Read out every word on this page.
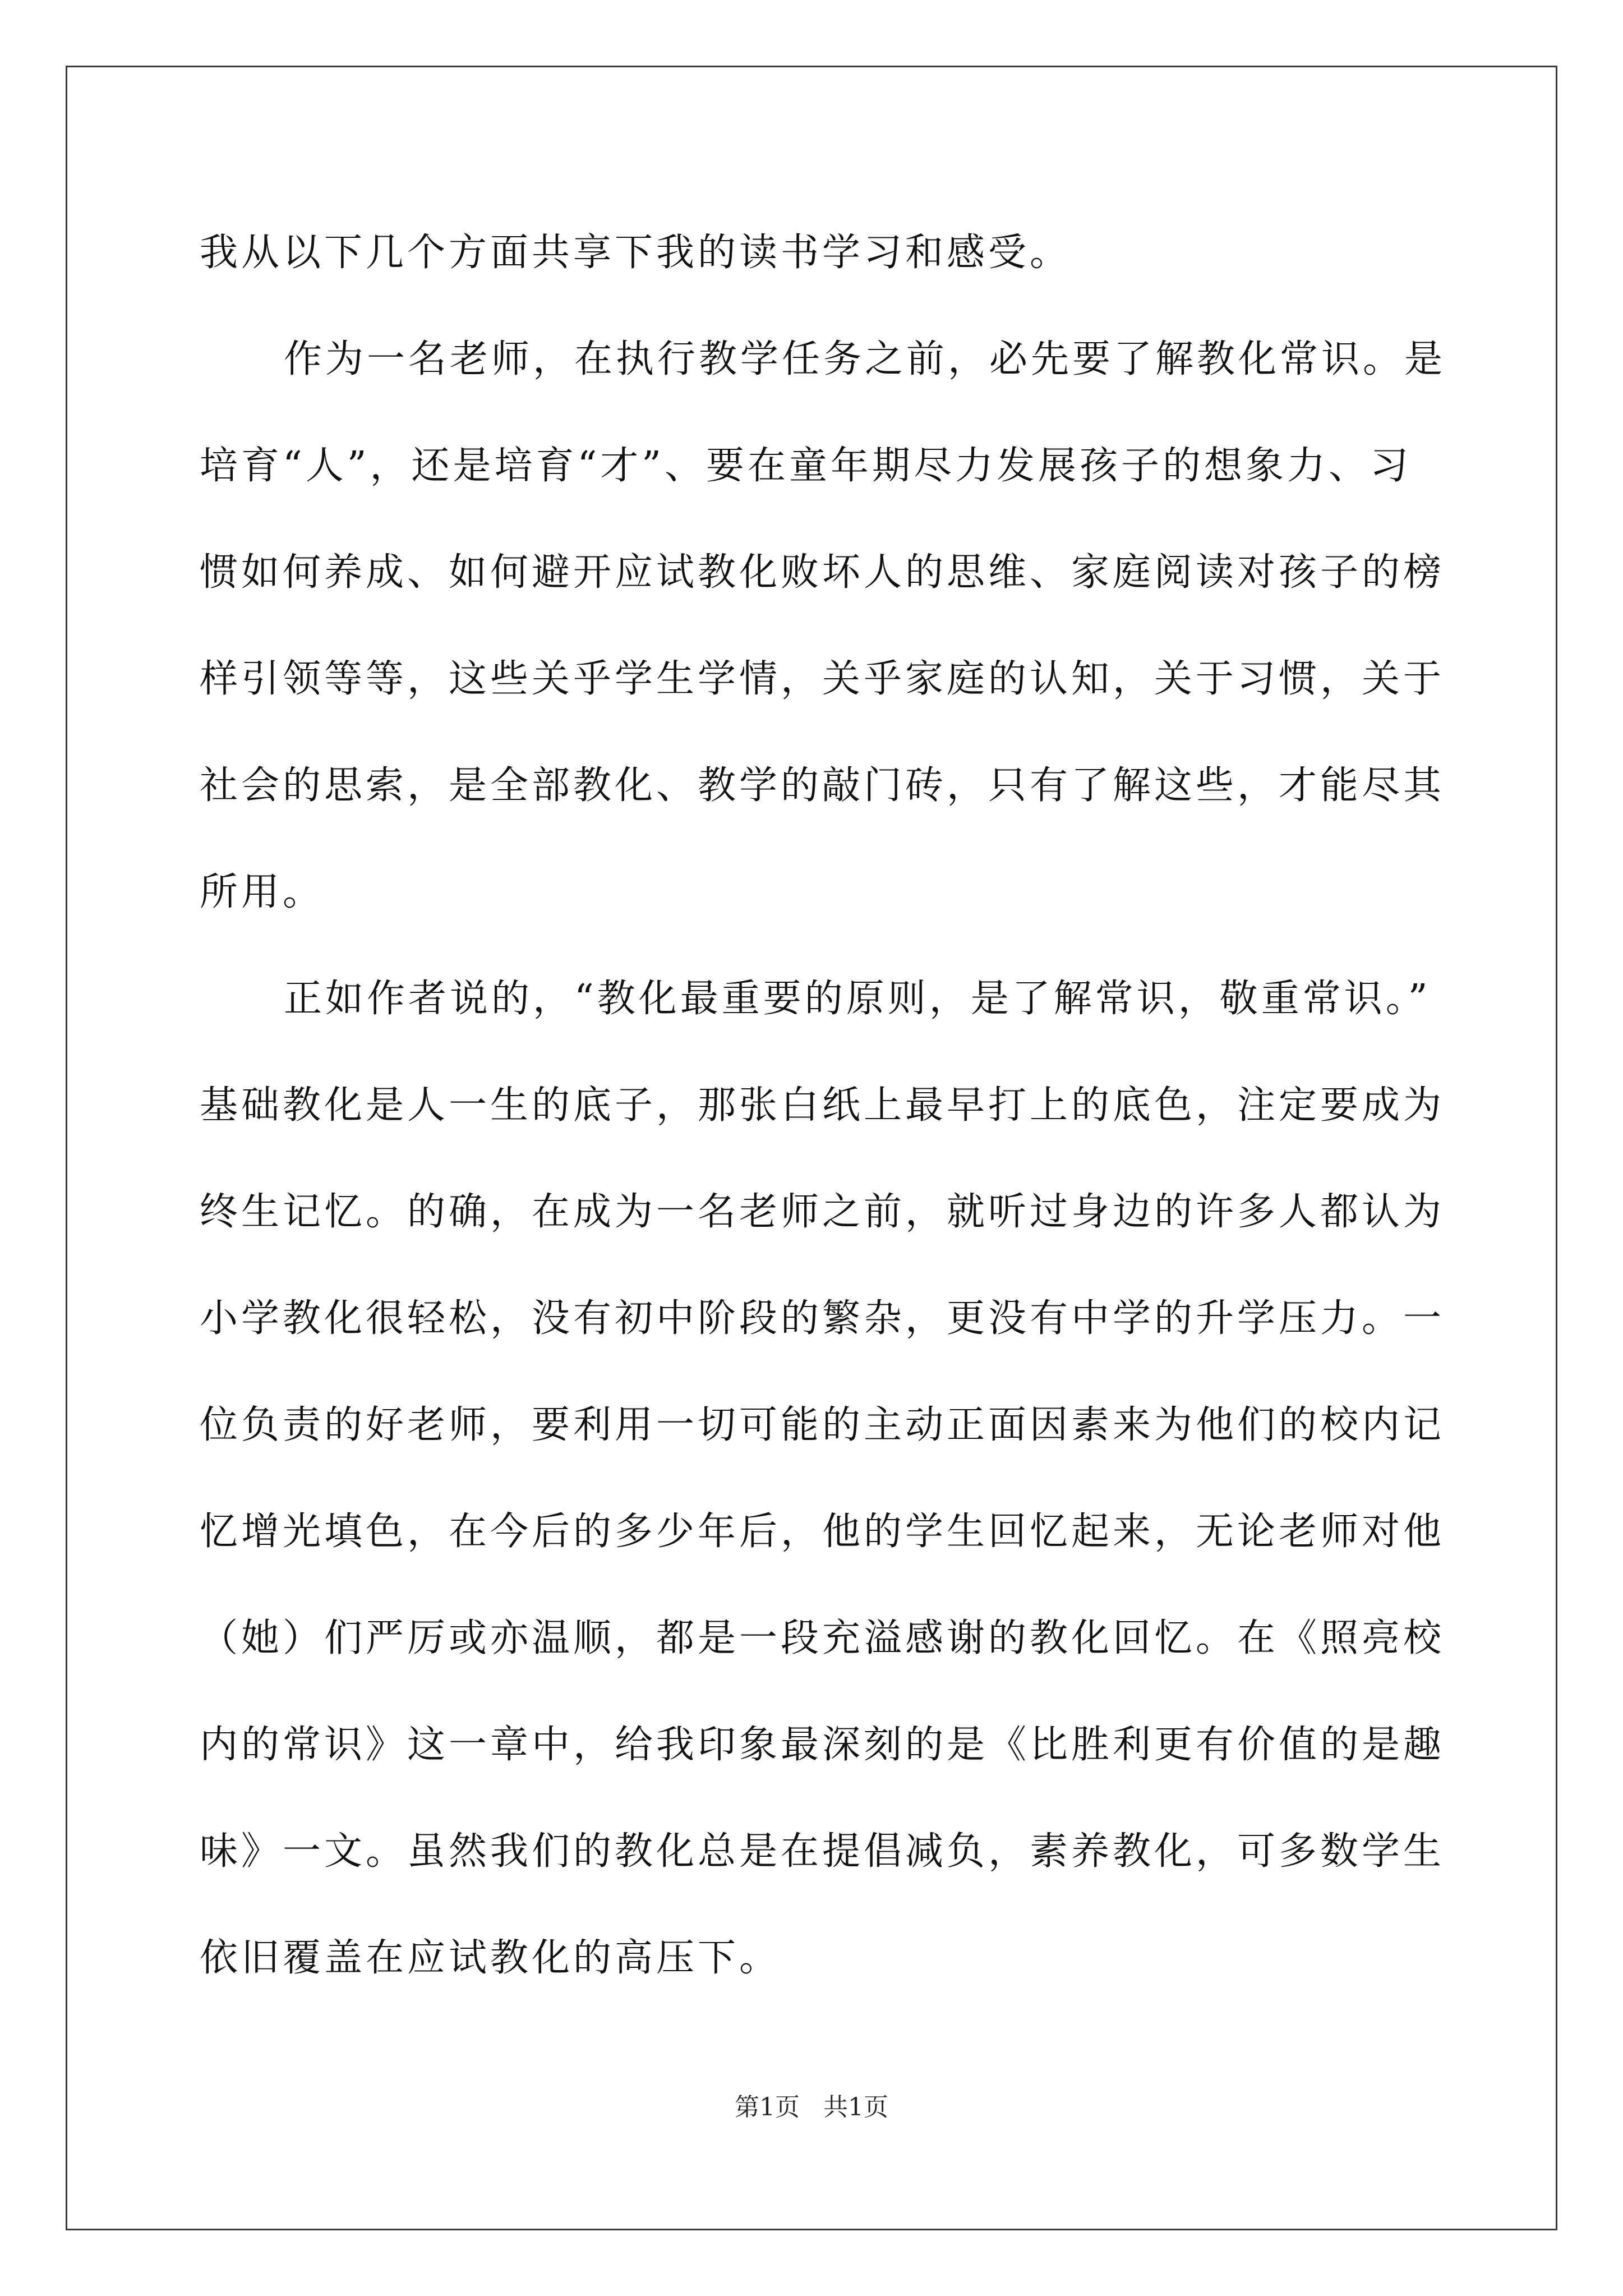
我从以下几个方面共享下我的读书学习和感受。

作为一名老师，在执行教学任务之前，必先要了解教化常识。是
培育“人”，还是培育“才”、要在童年期尽力发展孩子的想象力、习
惯如何养成、如何避开应试教化败坏人的思维、家庭阅读对孩子的榜
样引领等等，这些关乎学生学情，关乎家庭的认知，关于习惯，关于
社会的思索，是全部教化、教学的敲门砖，只有了解这些，才能尽其
所用。

正如作者说的，“教化最重要的原则，是了解常识，敬重常识。”
基础教化是人一生的底子，那张白纸上最早打上的底色，注定要成为
终生记忆。的确，在成为一名老师之前，就听过身边的许多人都认为
小学教化很轻松，没有初中阶段的繁杂，更没有中学的升学压力。一
位负责的好老师，要利用一切可能的主动正面因素来为他们的校内记
忆增光填色，在今后的多少年后，他的学生回忆起来，无论老师对他
（她）们严厉或亦温顺，都是一段充溢感谢的教化回忆。在《照亮校
内的常识》这一章中，给我印象最深刻的是《比胜利更有价值的是趣
味》一文。虽然我们的教化总是在提倡减负，素养教化，可多数学生
依旧覆盖在应试教化的高压下。

第1页 共1页
